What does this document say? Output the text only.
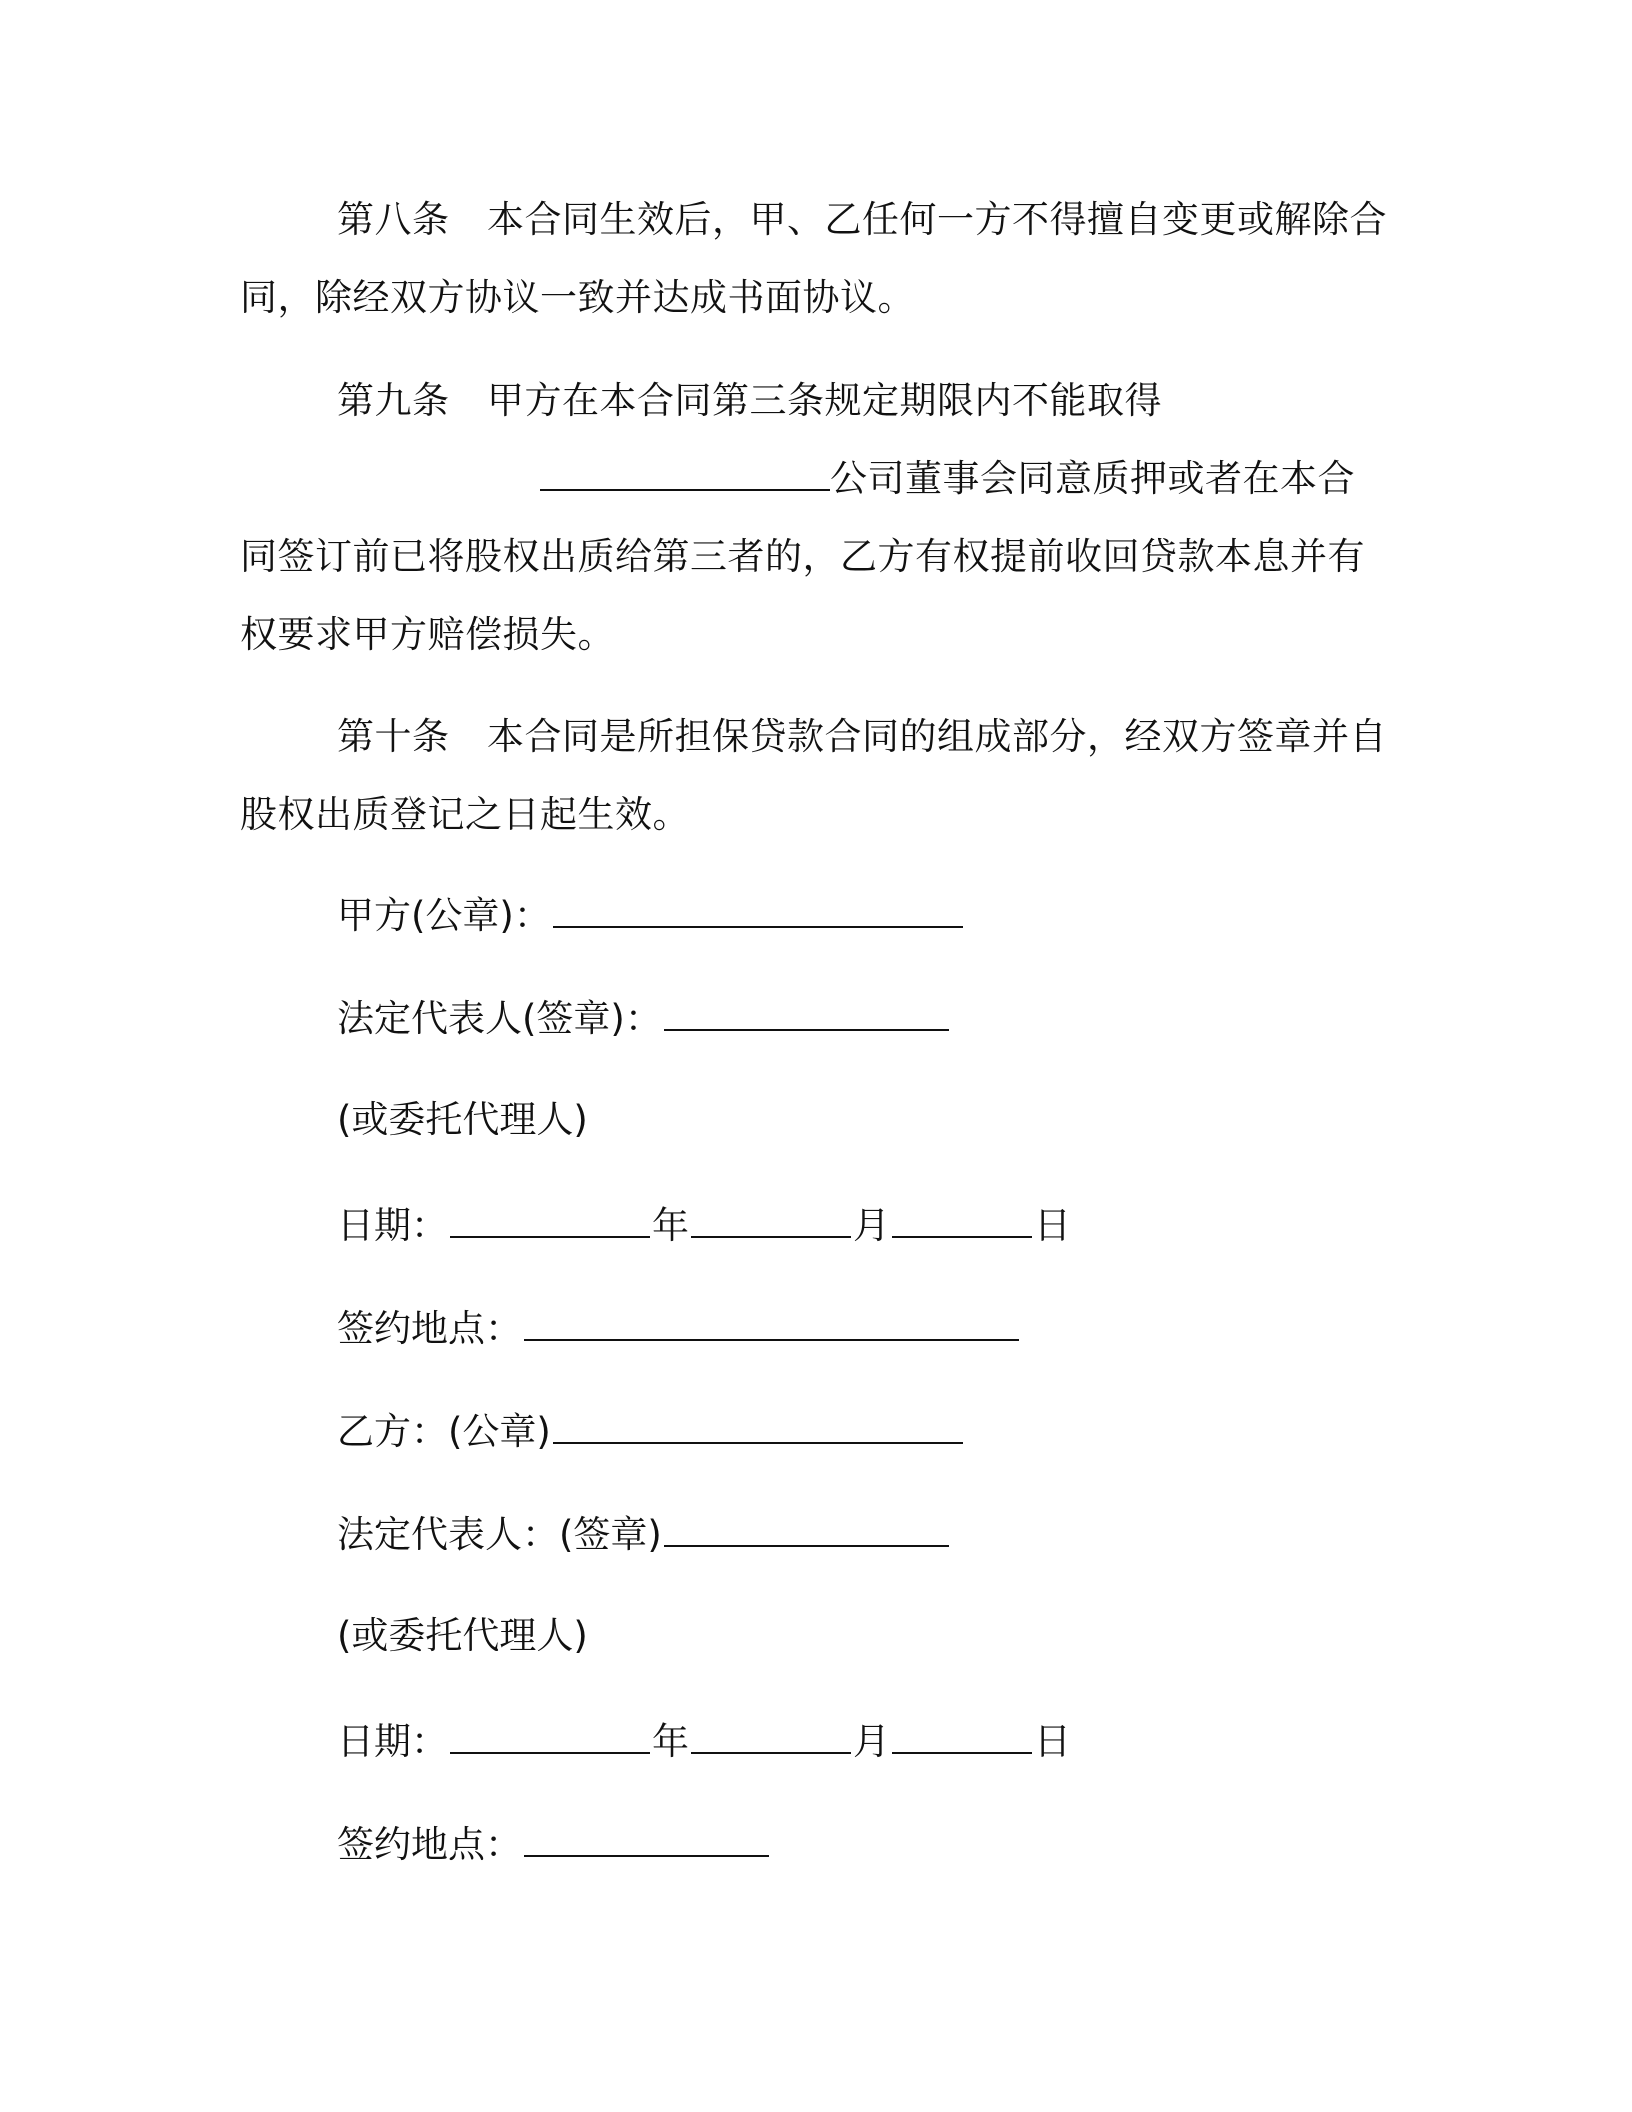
第八条　 本合同生效后，甲、乙任何一方不得擅自变更或解除合同，除经双方协议一致并达成书面协议。

第九条　 甲方在本合同第三条规定期限内不能取得公司董事会同意质押或者在本合同签订前已将股权出质给第三者的，乙方有权提前收回贷款本息并有权要求甲方赔偿损失。

第十条　 本合同是所担保贷款合同的组成部分，经双方签章并自股权出质登记之日起生效。

甲方(公章)：
法定代表人(签章)：
(或委托代理人)
日期：	年	月	日
签约地点：
乙方：(公章)
法定代表人：(签章)
(或委托代理人)
日期：	年	月	日
签约地点：
